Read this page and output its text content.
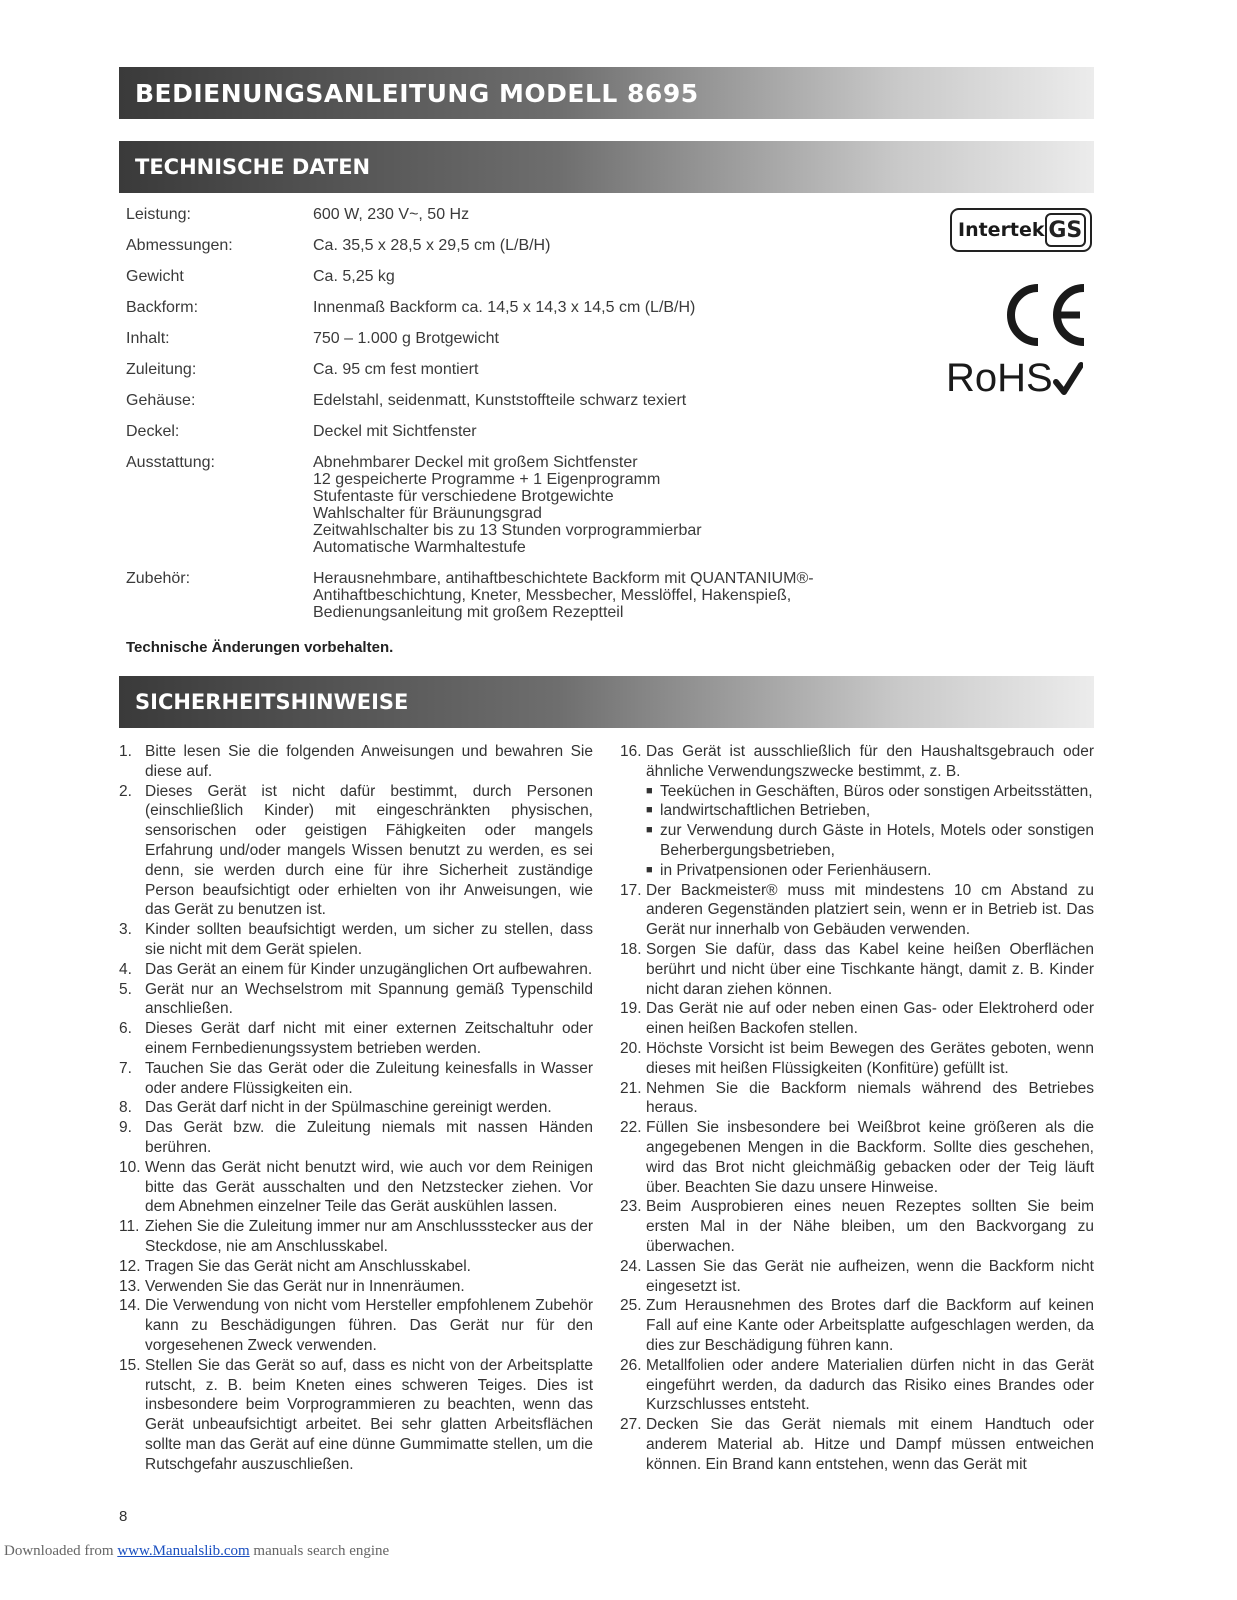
BEDIENUNGSANLEITUNG MODELL 8695
TECHNISCHE DATEN
Leistung:	600 W, 230 V~, 50 Hz
Abmessungen:	Ca. 35,5 x 28,5 x 29,5 cm (L/B/H)
Gewicht	Ca. 5,25 kg
Backform:	Innenmaß Backform ca. 14,5 x 14,3 x 14,5 cm (L/B/H)
Inhalt:	750 – 1.000 g Brotgewicht
Zuleitung:	Ca. 95 cm fest montiert
Gehäuse:	Edelstahl, seidenmatt, Kunststoffteile schwarz texiert
Deckel:	Deckel mit Sichtfenster
Ausstattung:	Abnehmbarer Deckel mit großem Sichtfenster
12 gespeicherte Programme + 1 Eigenprogramm
Stufentaste für verschiedene Brotgewichte
Wahlschalter für Bräunungsgrad
Zeitwahlschalter bis zu 13 Stunden vorprogrammierbar
Automatische Warmhaltestufe
Zubehör:	Herausnehmbare, antihaftbeschichtete Backform mit QUANTANIUM®-
Antihaftbeschichtung, Kneter, Messbecher, Messlöffel, Hakenspieß,
Bedienungsanleitung mit großem Rezeptteil
Technische Änderungen vorbehalten.
Intertek GS
RoHS
SICHERHEITSHINWEISE
1. Bitte lesen Sie die folgenden Anweisungen und bewahren Sie diese auf.
2. Dieses Gerät ist nicht dafür bestimmt, durch Personen (einschließlich Kinder) mit eingeschränkten physischen, sensorischen oder geistigen Fähigkeiten oder mangels Erfahrung und/oder mangels Wissen benutzt zu werden, es sei denn, sie werden durch eine für ihre Sicherheit zuständige Person beaufsichtigt oder erhielten von ihr Anweisungen, wie das Gerät zu benutzen ist.
3. Kinder sollten beaufsichtigt werden, um sicher zu stellen, dass sie nicht mit dem Gerät spielen.
4. Das Gerät an einem für Kinder unzugänglichen Ort aufbewahren.
5. Gerät nur an Wechselstrom mit Spannung gemäß Typenschild anschließen.
6. Dieses Gerät darf nicht mit einer externen Zeitschaltuhr oder einem Fernbedienungssystem betrieben werden.
7. Tauchen Sie das Gerät oder die Zuleitung keinesfalls in Wasser oder andere Flüssigkeiten ein.
8. Das Gerät darf nicht in der Spülmaschine gereinigt werden.
9. Das Gerät bzw. die Zuleitung niemals mit nassen Händen berühren.
10. Wenn das Gerät nicht benutzt wird, wie auch vor dem Reinigen bitte das Gerät ausschalten und den Netzstecker ziehen. Vor dem Abnehmen einzelner Teile das Gerät auskühlen lassen.
11. Ziehen Sie die Zuleitung immer nur am Anschlussstecker aus der Steckdose, nie am Anschlusskabel.
12. Tragen Sie das Gerät nicht am Anschlusskabel.
13. Verwenden Sie das Gerät nur in Innenräumen.
14. Die Verwendung von nicht vom Hersteller empfohlenem Zubehör kann zu Beschädigungen führen. Das Gerät nur für den vorgesehenen Zweck verwenden.
15. Stellen Sie das Gerät so auf, dass es nicht von der Arbeitsplatte rutscht, z. B. beim Kneten eines schweren Teiges. Dies ist insbesondere beim Vorprogrammieren zu beachten, wenn das Gerät unbeaufsichtigt arbeitet. Bei sehr glatten Arbeitsflächen sollte man das Gerät auf eine dünne Gummimatte stellen, um die Rutschgefahr auszuschließen.
16. Das Gerät ist ausschließlich für den Haushaltsgebrauch oder ähnliche Verwendungszwecke bestimmt, z. B.
■ Teeküchen in Geschäften, Büros oder sonstigen Arbeitsstätten,
■ landwirtschaftlichen Betrieben,
■ zur Verwendung durch Gäste in Hotels, Motels oder sonstigen Beherbergungsbetrieben,
■ in Privatpensionen oder Ferienhäusern.
17. Der Backmeister® muss mit mindestens 10 cm Abstand zu anderen Gegenständen platziert sein, wenn er in Betrieb ist. Das Gerät nur innerhalb von Gebäuden verwenden.
18. Sorgen Sie dafür, dass das Kabel keine heißen Oberflächen berührt und nicht über eine Tischkante hängt, damit z. B. Kinder nicht daran ziehen können.
19. Das Gerät nie auf oder neben einen Gas- oder Elektroherd oder einen heißen Backofen stellen.
20. Höchste Vorsicht ist beim Bewegen des Gerätes geboten, wenn dieses mit heißen Flüssigkeiten (Konfitüre) gefüllt ist.
21. Nehmen Sie die Backform niemals während des Betriebes heraus.
22. Füllen Sie insbesondere bei Weißbrot keine größeren als die angegebenen Mengen in die Backform. Sollte dies geschehen, wird das Brot nicht gleichmäßig gebacken oder der Teig läuft über. Beachten Sie dazu unsere Hinweise.
23. Beim Ausprobieren eines neuen Rezeptes sollten Sie beim ersten Mal in der Nähe bleiben, um den Backvorgang zu überwachen.
24. Lassen Sie das Gerät nie aufheizen, wenn die Backform nicht eingesetzt ist.
25. Zum Herausnehmen des Brotes darf die Backform auf keinen Fall auf eine Kante oder Arbeitsplatte aufgeschlagen werden, da dies zur Beschädigung führen kann.
26. Metallfolien oder andere Materialien dürfen nicht in das Gerät eingeführt werden, da dadurch das Risiko eines Brandes oder Kurzschlusses entsteht.
27. Decken Sie das Gerät niemals mit einem Handtuch oder anderem Material ab. Hitze und Dampf müssen entweichen können. Ein Brand kann entstehen, wenn das Gerät mit
8
Downloaded from www.Manualslib.com manuals search engine
